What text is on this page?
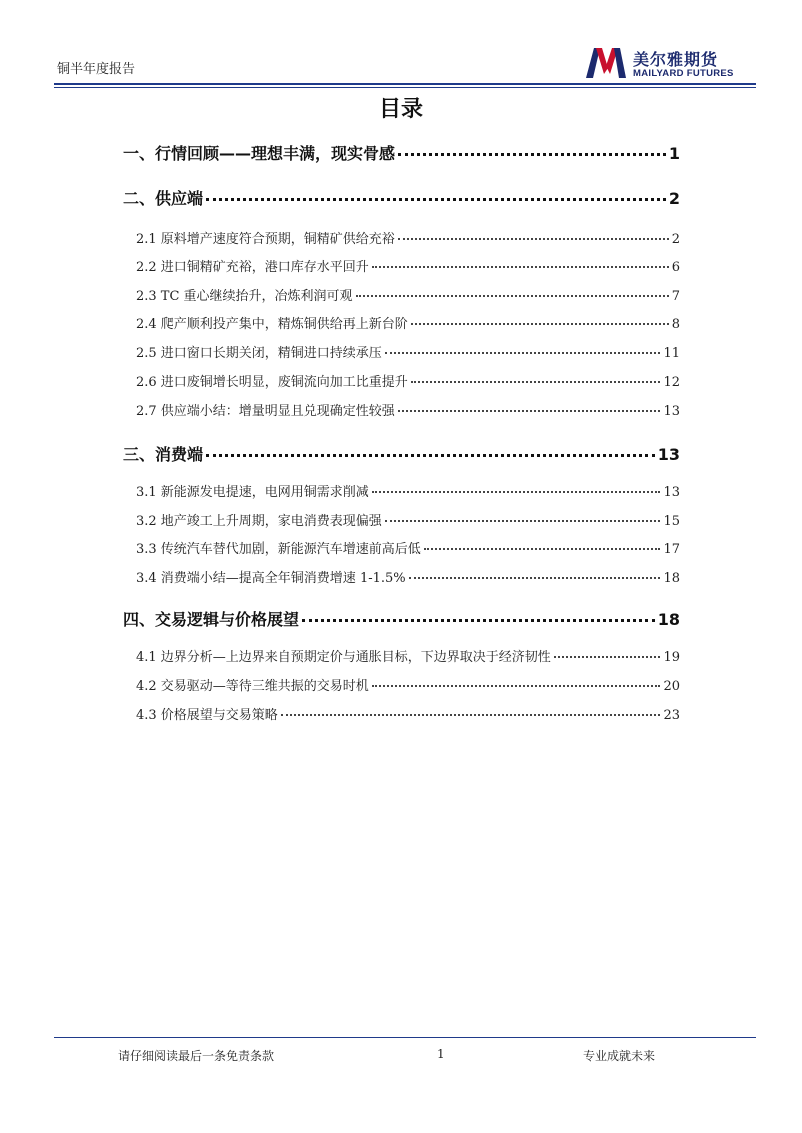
铜半年度报告
美尔雅期货
MAILYARD FUTURES
目录
一、行情回顾——理想丰满，现实骨感	1
二、供应端	2
2.1 原料增产速度符合预期，铜精矿供给充裕	2
2.2 进口铜精矿充裕，港口库存水平回升	6
2.3 TC 重心继续抬升，冶炼利润可观	7
2.4 爬产顺利投产集中，精炼铜供给再上新台阶	8
2.5 进口窗口长期关闭，精铜进口持续承压	11
2.6 进口废铜增长明显，废铜流向加工比重提升	12
2.7 供应端小结：增量明显且兑现确定性较强	13
三、消费端	13
3.1 新能源发电提速，电网用铜需求削减	13
3.2 地产竣工上升周期，家电消费表现偏强	15
3.3 传统汽车替代加剧，新能源汽车增速前高后低	17
3.4 消费端小结—提高全年铜消费增速 1-1.5%	18
四、交易逻辑与价格展望	18
4.1 边界分析—上边界来自预期定价与通胀目标，下边界取决于经济韧性	19
4.2 交易驱动—等待三维共振的交易时机	20
4.3 价格展望与交易策略	23
请仔细阅读最后一条免责条款	1	专业成就未来
